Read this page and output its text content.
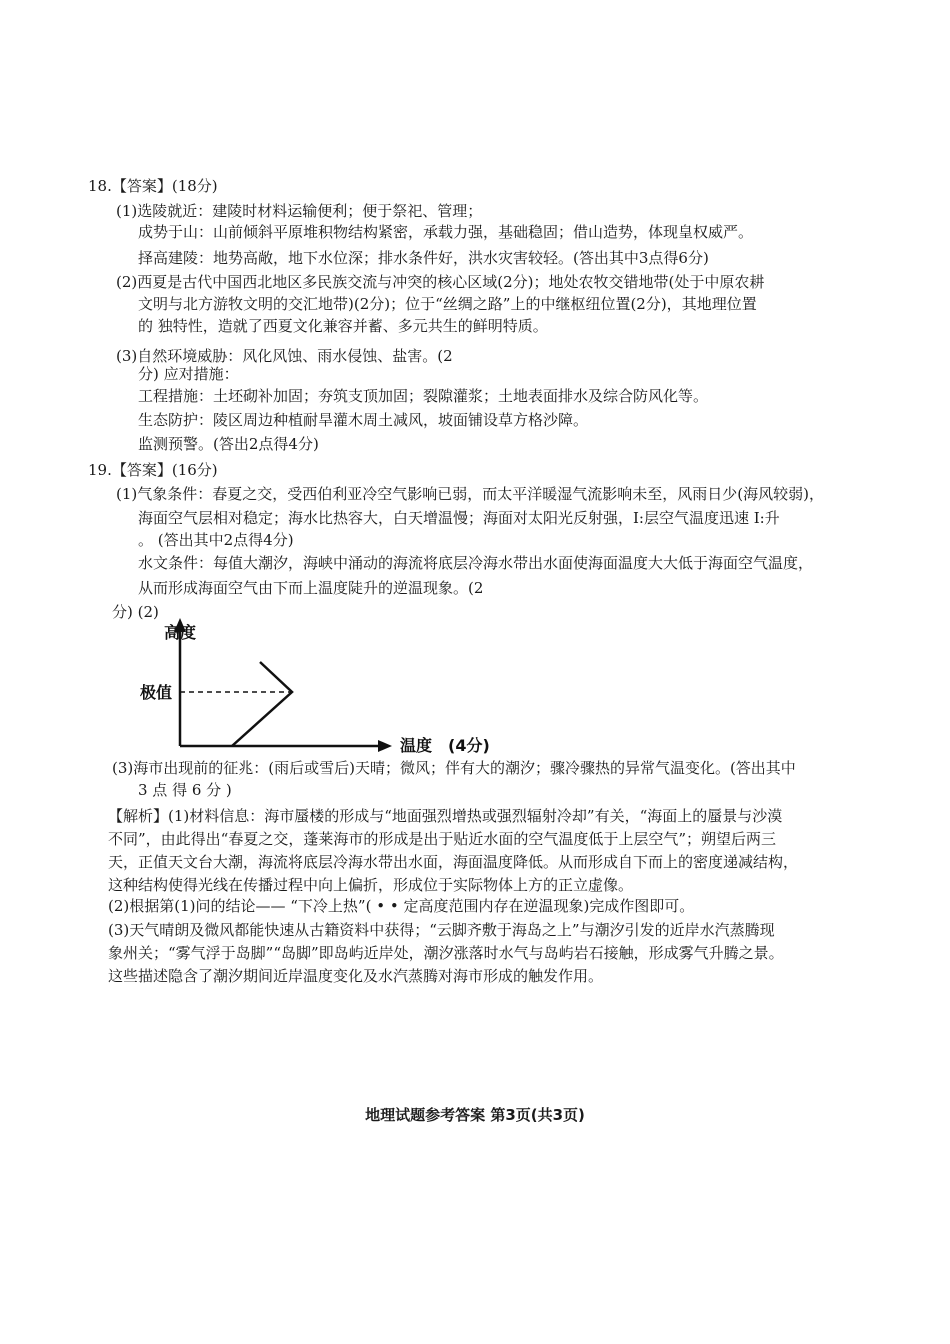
18.【答案】(18分)
(1)选陵就近：建陵时材料运输便利；便于祭祀、管理；
成势于山：山前倾斜平原堆积物结构紧密，承载力强，基础稳固；借山造势，体现皇权威严。
择高建陵：地势高敞，地下水位深；排水条件好，洪水灾害较轻。(答出其中3点得6分)
(2)西夏是古代中国西北地区多民族交流与冲突的核心区域(2分)；地处农牧交错地带(处于中原农耕
文明与北方游牧文明的交汇地带)(2分)；位于“丝绸之路”上的中继枢纽位置(2分)，其地理位置
的 独特性，造就了西夏文化兼容并蓄、多元共生的鲜明特质。
(3)自然环境威胁：风化风蚀、雨水侵蚀、盐害。(2
分) 应对措施：
工程措施：土坯砌补加固；夯筑支顶加固；裂隙灌浆；土地表面排水及综合防风化等。
生态防护：陵区周边种植耐旱灌木周土减风，坡面铺设草方格沙障。
监测预警。(答出2点得4分)
19.【答案】(16分)
(1)气象条件：春夏之交，受西伯利亚冷空气影响已弱，而太平洋暖湿气流影响未至，风雨日少(海风较弱)，
海面空气层相对稳定；海水比热容大，白天增温慢；海面对太阳光反射强，I:层空气温度迅速 I:升
。 (答出其中2点得4分)
水文条件：每值大潮汐，海峡中涌动的海流将底层冷海水带出水面使海面温度大大低于海面空气温度，
从而形成海面空气由下而上温度陡升的逆温现象。(2
分) (2)
高度
极值
温度 (4分)
(3)海市出现前的征兆：(雨后或雪后)天晴；微风；伴有大的潮汐；骤冷骤热的异常气温变化。(答出其中
3 点 得 6 分 )
【解析】(1)材料信息：海市蜃楼的形成与“地面强烈增热或强烈辐射冷却”有关，“海面上的蜃景与沙漠
不同”，由此得出“春夏之交，蓬莱海市的形成是出于贴近水面的空气温度低于上层空气”；朔望后两三
天，正值天文台大潮，海流将底层冷海水带出水面，海面温度降低。从而形成自下而上的密度递减结构，
这种结构使得光线在传播过程中向上偏折，形成位于实际物体上方的正立虚像。
(2)根据第(1)问的结论—— “下冷上热”( • • 定高度范围内存在逆温现象)完成作图即可。
(3)天气晴朗及微风都能快速从古籍资料中获得；“云脚齐敷于海岛之上”与潮汐引发的近岸水汽蒸腾现
象州关；“雾气浮于岛脚”“岛脚”即岛屿近岸处，潮汐涨落时水气与岛屿岩石接触，形成雾气升腾之景。
这些描述隐含了潮汐期间近岸温度变化及水汽蒸腾对海市形成的触发作用。
地理试题参考答案 第3页(共3页)
